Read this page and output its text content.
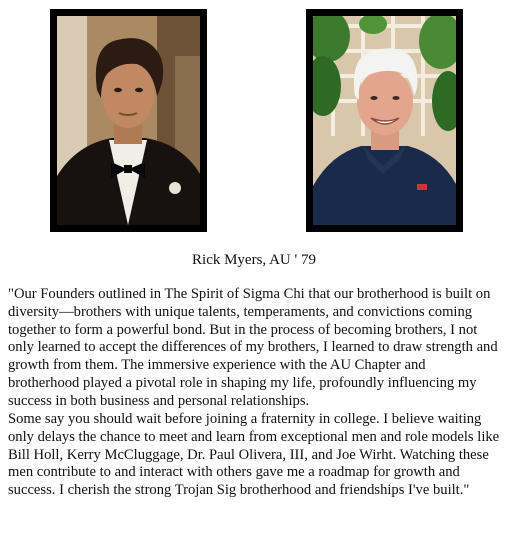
Rick Myers, AU ' 79

"Our Founders outlined in The Spirit of Sigma Chi that our brotherhood is built on diversity—brothers with unique talents, temperaments, and convictions coming together to form a powerful bond. But in the process of becoming brothers, I not only learned to accept the differences of my brothers, I learned to draw strength and growth from them. The immersive experience with the AU Chapter and brotherhood played a pivotal role in shaping my life, profoundly influencing my success in both business and personal relationships.

Some say you should wait before joining a fraternity in college. I believe waiting only delays the chance to meet and learn from exceptional men and role models like Bill Holl, Kerry McCluggage, Dr. Paul Olivera, III, and Joe Wirht. Watching these men contribute to and interact with others gave me a roadmap for growth and success. I cherish the strong Trojan Sig brotherhood and friendships I've built."
